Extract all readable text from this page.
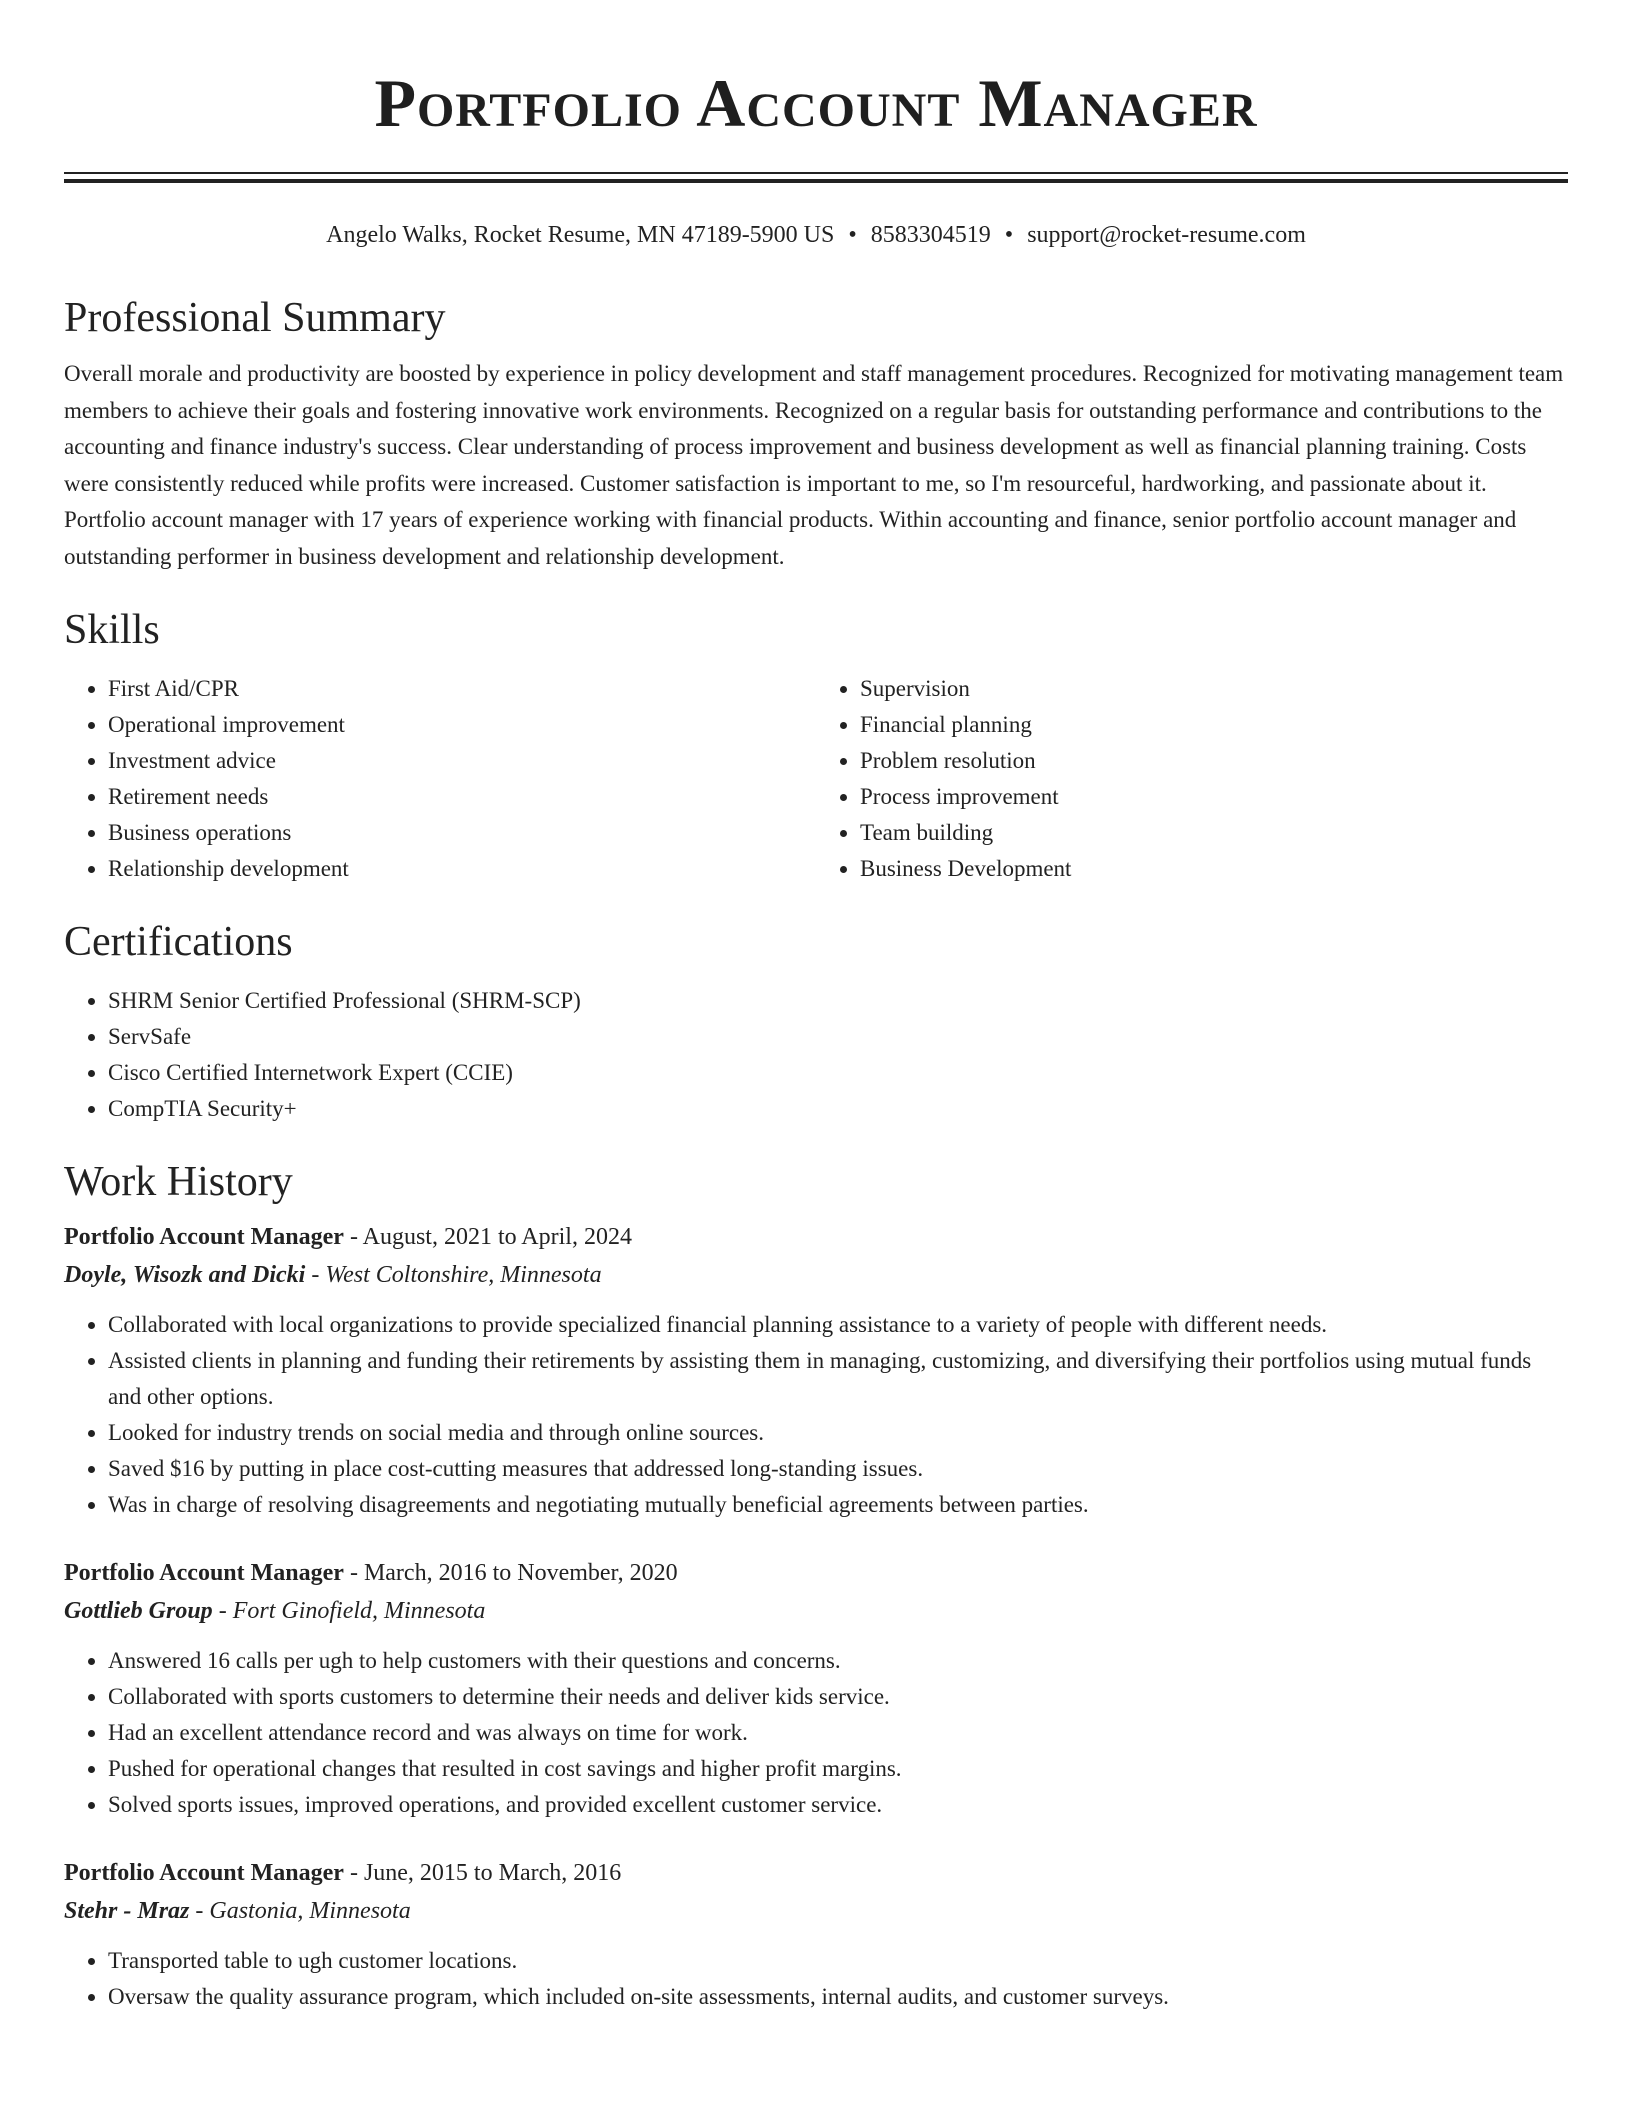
Portfolio Account Manager
Angelo Walks, Rocket Resume, MN 47189-5900 US • 8583304519 • support@rocket-resume.com
Professional Summary

Overall morale and productivity are boosted by experience in policy development and staff management procedures. Recognized for motivating management team members to achieve their goals and fostering innovative work environments. Recognized on a regular basis for outstanding performance and contributions to the accounting and finance industry's success. Clear understanding of process improvement and business development as well as financial planning training. Costs were consistently reduced while profits were increased. Customer satisfaction is important to me, so I'm resourceful, hardworking, and passionate about it. Portfolio account manager with 17 years of experience working with financial products. Within accounting and finance, senior portfolio account manager and outstanding performer in business development and relationship development.

Skills
• First Aid/CPR
• Operational improvement
• Investment advice
• Retirement needs
• Business operations
• Relationship development
• Supervision
• Financial planning
• Problem resolution
• Process improvement
• Team building
• Business Development
Certifications
• SHRM Senior Certified Professional (SHRM-SCP)
• ServSafe
• Cisco Certified Internetwork Expert (CCIE)
• CompTIA Security+
Work History
Portfolio Account Manager - August, 2021 to April, 2024
Doyle, Wisozk and Dicki - West Coltonshire, Minnesota
• Collaborated with local organizations to provide specialized financial planning assistance to a variety of people with different needs.
• Assisted clients in planning and funding their retirements by assisting them in managing, customizing, and diversifying their portfolios using mutual funds and other options.
• Looked for industry trends on social media and through online sources.
• Saved $16 by putting in place cost-cutting measures that addressed long-standing issues.
• Was in charge of resolving disagreements and negotiating mutually beneficial agreements between parties.
Portfolio Account Manager - March, 2016 to November, 2020
Gottlieb Group - Fort Ginofield, Minnesota
• Answered 16 calls per ugh to help customers with their questions and concerns.
• Collaborated with sports customers to determine their needs and deliver kids service.
• Had an excellent attendance record and was always on time for work.
• Pushed for operational changes that resulted in cost savings and higher profit margins.
• Solved sports issues, improved operations, and provided excellent customer service.
Portfolio Account Manager - June, 2015 to March, 2016
Stehr - Mraz - Gastonia, Minnesota
• Transported table to ugh customer locations.
• Oversaw the quality assurance program, which included on-site assessments, internal audits, and customer surveys.
